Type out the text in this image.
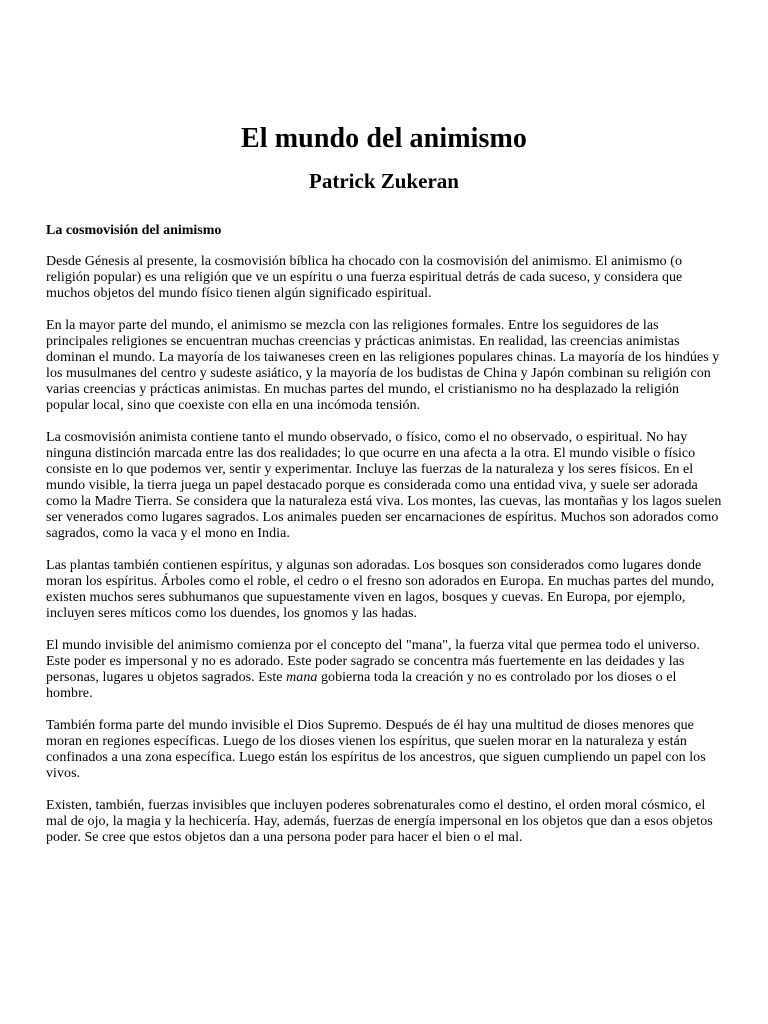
El mundo del animismo
Patrick Zukeran
La cosmovisión del animismo

Desde Génesis al presente, la cosmovisión bíblica ha chocado con la cosmovisión del animismo. El animismo (o religión popular) es una religión que ve un espíritu o una fuerza espiritual detrás de cada suceso, y considera que muchos objetos del mundo físico tienen algún significado espiritual.

En la mayor parte del mundo, el animismo se mezcla con las religiones formales. Entre los seguidores de las principales religiones se encuentran muchas creencias y prácticas animistas. En realidad, las creencias animistas dominan el mundo. La mayoría de los taiwaneses creen en las religiones populares chinas. La mayoría de los hindúes y los musulmanes del centro y sudeste asiático, y la mayoría de los budistas de China y Japón combinan su religión con varias creencias y prácticas animistas. En muchas partes del mundo, el cristianismo no ha desplazado la religión popular local, sino que coexiste con ella en una incómoda tensión.

La cosmovisión animista contiene tanto el mundo observado, o físico, como el no observado, o espiritual. No hay ninguna distinción marcada entre las dos realidades; lo que ocurre en una afecta a la otra. El mundo visible o físico consiste en lo que podemos ver, sentir y experimentar. Incluye las fuerzas de la naturaleza y los seres físicos. En el mundo visible, la tierra juega un papel destacado porque es considerada como una entidad viva, y suele ser adorada como la Madre Tierra. Se considera que la naturaleza está viva. Los montes, las cuevas, las montañas y los lagos suelen ser venerados como lugares sagrados. Los animales pueden ser encarnaciones de espíritus. Muchos son adorados como sagrados, como la vaca y el mono en India.

Las plantas también contienen espíritus, y algunas son adoradas. Los bosques son considerados como lugares donde moran los espíritus. Árboles como el roble, el cedro o el fresno son adorados en Europa. En muchas partes del mundo, existen muchos seres subhumanos que supuestamente viven en lagos, bosques y cuevas. En Europa, por ejemplo, incluyen seres míticos como los duendes, los gnomos y las hadas.

El mundo invisible del animismo comienza por el concepto del "mana", la fuerza vital que permea todo el universo. Este poder es impersonal y no es adorado. Este poder sagrado se concentra más fuertemente en las deidades y las personas, lugares u objetos sagrados. Este mana gobierna toda la creación y no es controlado por los dioses o el hombre.

También forma parte del mundo invisible el Dios Supremo. Después de él hay una multitud de dioses menores que moran en regiones específicas. Luego de los dioses vienen los espíritus, que suelen morar en la naturaleza y están confinados a una zona específica. Luego están los espíritus de los ancestros, que siguen cumpliendo un papel con los vivos.

Existen, también, fuerzas invisibles que incluyen poderes sobrenaturales como el destino, el orden moral cósmico, el mal de ojo, la magia y la hechicería. Hay, además, fuerzas de energía impersonal en los objetos que dan a esos objetos poder. Se cree que estos objetos dan a una persona poder para hacer el bien o el mal.
